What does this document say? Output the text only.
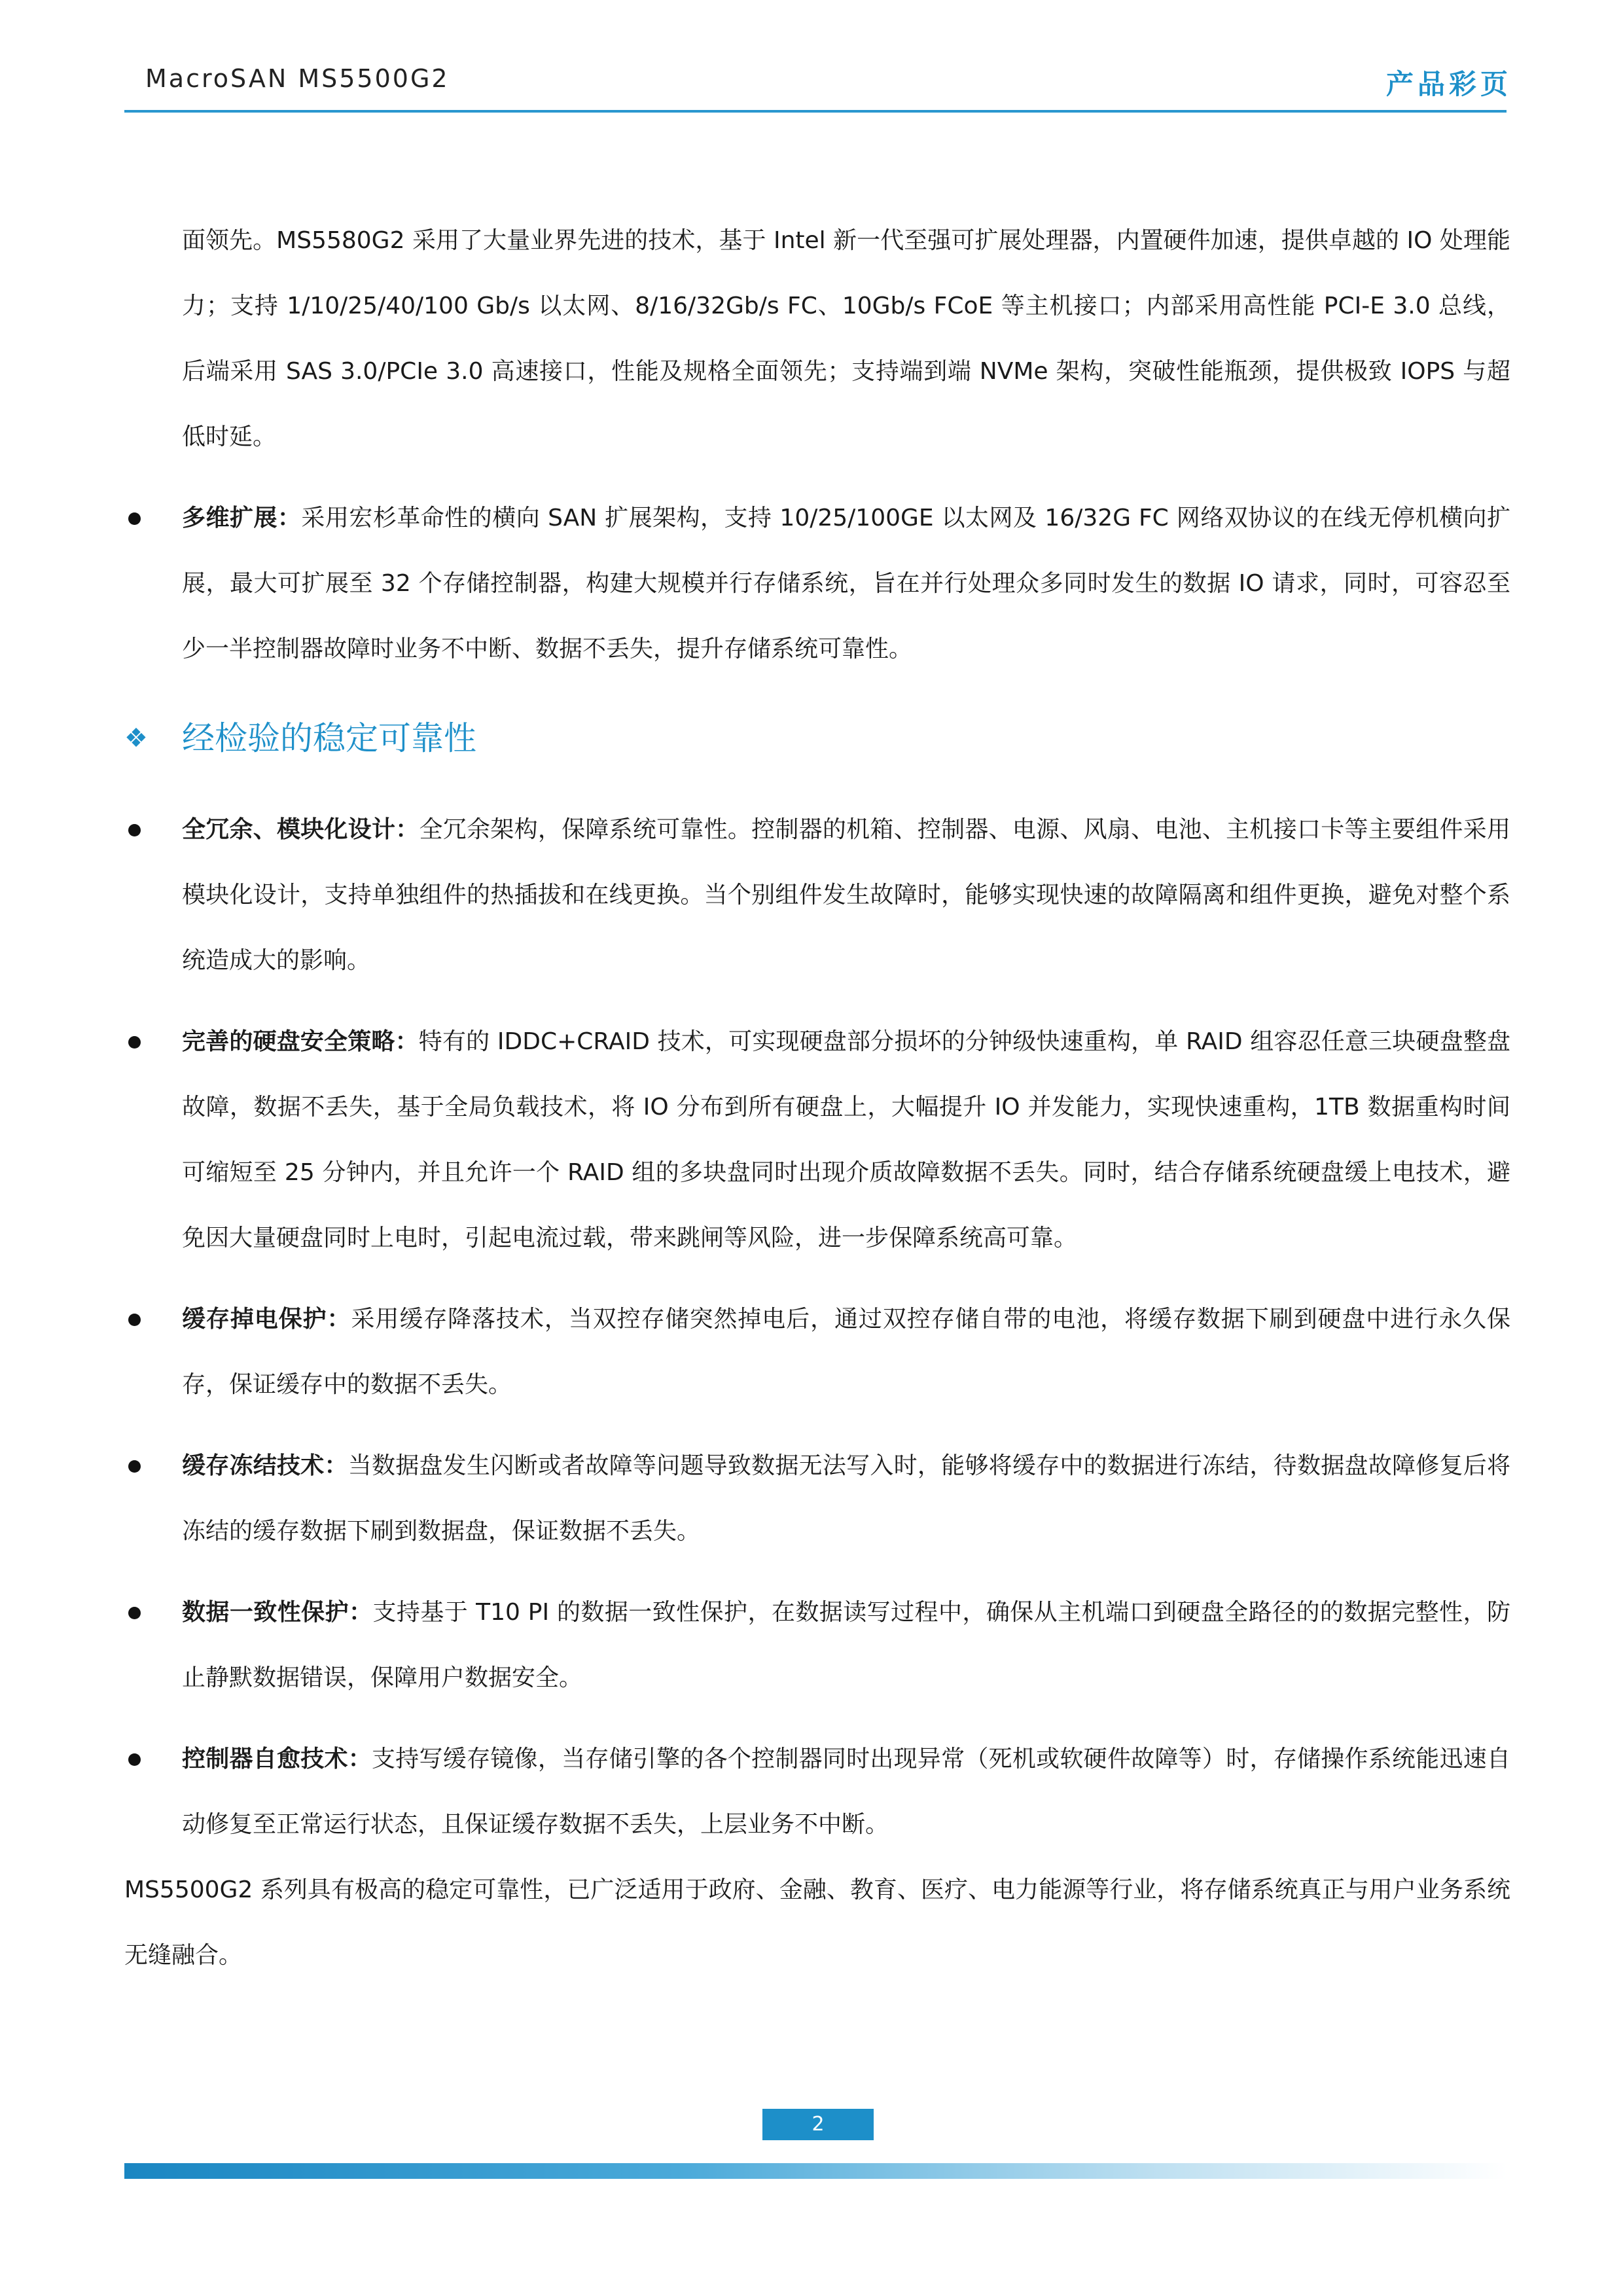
MacroSAN MS5500G2	产品彩页

面领先。MS5580G2 采用了大量业界先进的技术，基于 Intel 新一代至强可扩展处理器，内置硬件加速，提供卓越的 IO 处理能力；支持 1/10/25/40/100 Gb/s 以太网、8/16/32Gb/s FC、10Gb/s FCoE 等主机接口；内部采用高性能 PCI-E 3.0 总线，后端采用 SAS 3.0/PCIe 3.0 高速接口，性能及规格全面领先；支持端到端 NVMe 架构，突破性能瓶颈，提供极致 IOPS 与超低时延。

多维扩展：采用宏杉革命性的横向 SAN 扩展架构，支持 10/25/100GE 以太网及 16/32G FC 网络双协议的在线无停机横向扩展，最大可扩展至 32 个存储控制器，构建大规模并行存储系统，旨在并行处理众多同时发生的数据 IO 请求，同时，可容忍至少一半控制器故障时业务不中断、数据不丢失，提升存储系统可靠性。

❖ 经检验的稳定可靠性

全冗余、模块化设计：全冗余架构，保障系统可靠性。控制器的机箱、控制器、电源、风扇、电池、主机接口卡等主要组件采用模块化设计，支持单独组件的热插拔和在线更换。当个别组件发生故障时，能够实现快速的故障隔离和组件更换，避免对整个系统造成大的影响。

完善的硬盘安全策略：特有的 IDDC+CRAID 技术，可实现硬盘部分损坏的分钟级快速重构，单 RAID 组容忍任意三块硬盘整盘故障，数据不丢失，基于全局负载技术，将 IO 分布到所有硬盘上，大幅提升 IO 并发能力，实现快速重构，1TB 数据重构时间可缩短至 25 分钟内，并且允许一个 RAID 组的多块盘同时出现介质故障数据不丢失。同时，结合存储系统硬盘缓上电技术，避免因大量硬盘同时上电时，引起电流过载，带来跳闸等风险，进一步保障系统高可靠。

缓存掉电保护：采用缓存降落技术，当双控存储突然掉电后，通过双控存储自带的电池，将缓存数据下刷到硬盘中进行永久保存，保证缓存中的数据不丢失。

缓存冻结技术：当数据盘发生闪断或者故障等问题导致数据无法写入时，能够将缓存中的数据进行冻结，待数据盘故障修复后将冻结的缓存数据下刷到数据盘，保证数据不丢失。

数据一致性保护：支持基于 T10 PI 的数据一致性保护，在数据读写过程中，确保从主机端口到硬盘全路径的的数据完整性，防止静默数据错误，保障用户数据安全。

控制器自愈技术：支持写缓存镜像，当存储引擎的各个控制器同时出现异常（死机或软硬件故障等）时，存储操作系统能迅速自动修复至正常运行状态，且保证缓存数据不丢失，上层业务不中断。

MS5500G2 系列具有极高的稳定可靠性，已广泛适用于政府、金融、教育、医疗、电力能源等行业，将存储系统真正与用户业务系统无缝融合。

2
